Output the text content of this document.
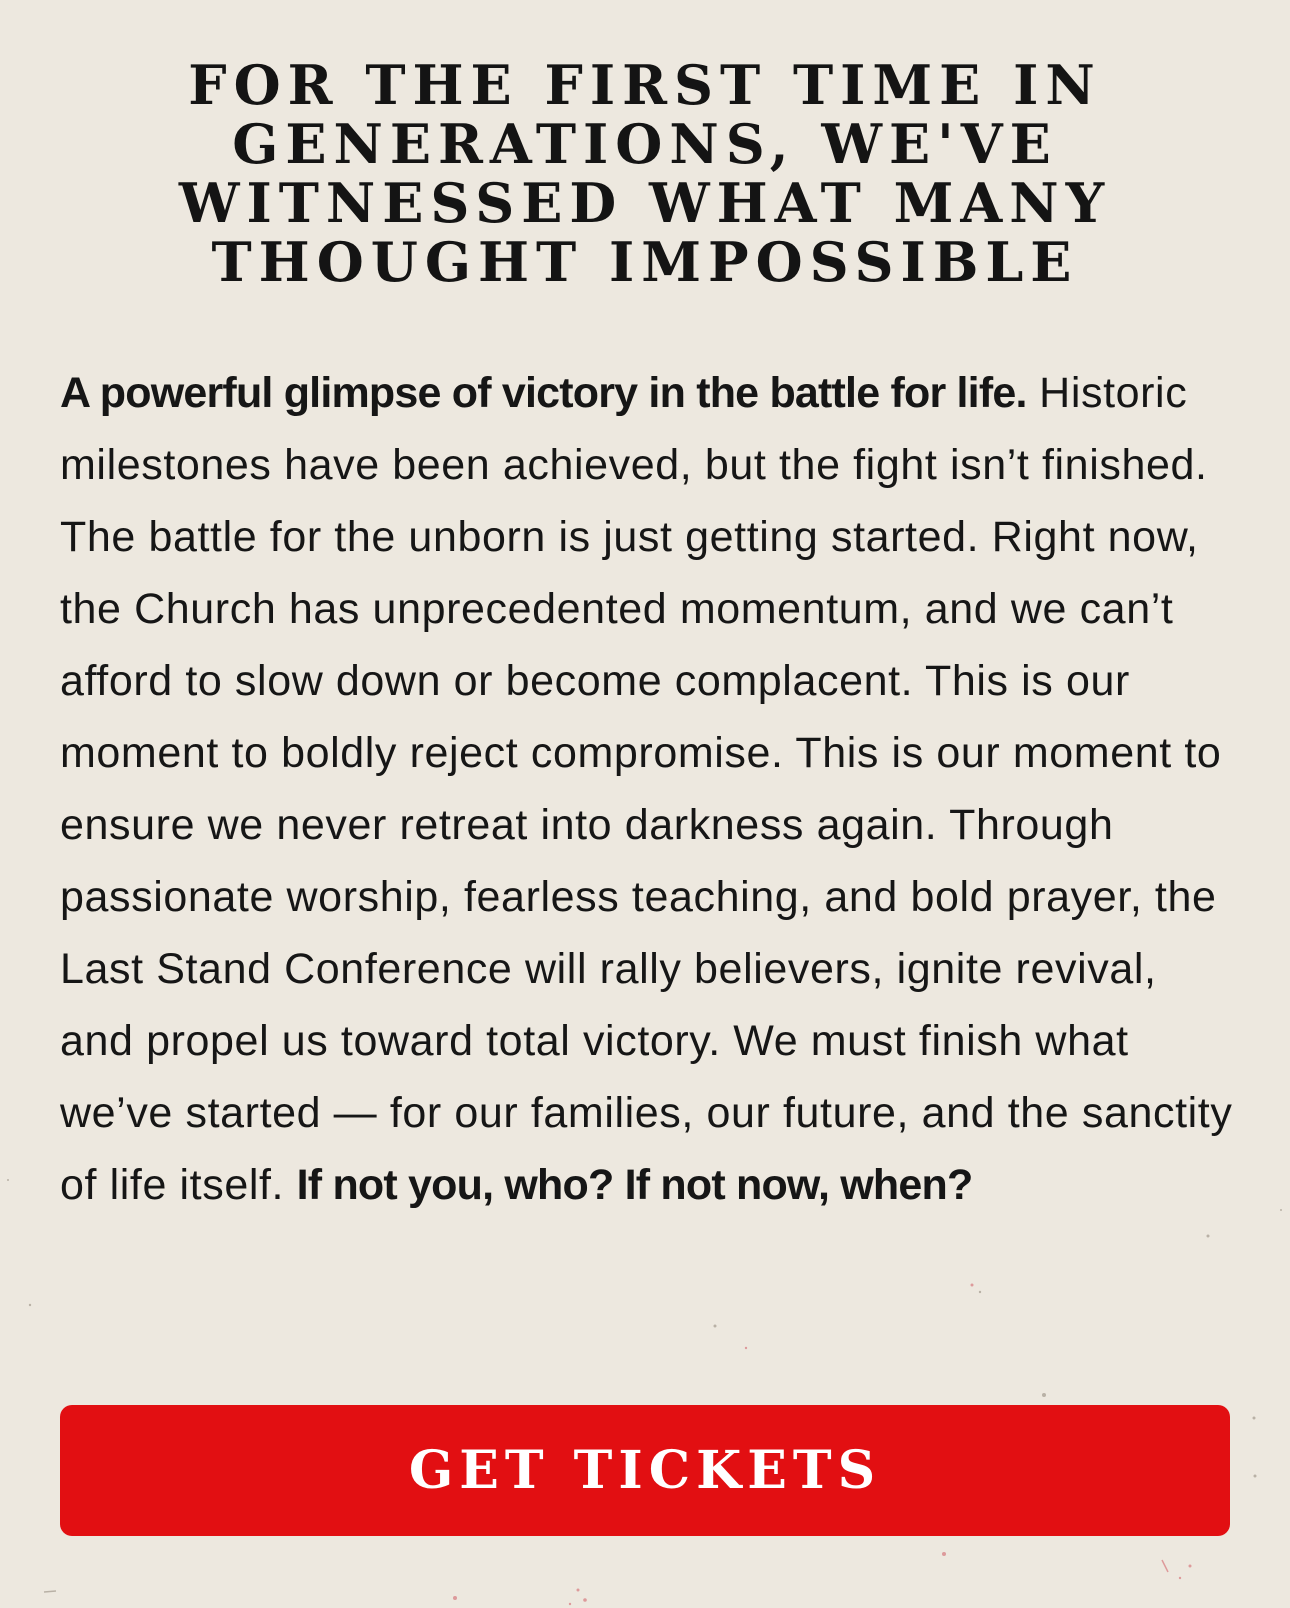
FOR THE FIRST TIME IN GENERATIONS, WE'VE WITNESSED WHAT MANY THOUGHT IMPOSSIBLE

A powerful glimpse of victory in the battle for life. Historic milestones have been achieved, but the fight isn’t finished. The battle for the unborn is just getting started. Right now, the Church has unprecedented momentum, and we can’t afford to slow down or become complacent. This is our moment to boldly reject compromise. This is our moment to ensure we never retreat into darkness again. Through passionate worship, fearless teaching, and bold prayer, the Last Stand Conference will rally believers, ignite revival, and propel us toward total victory. We must finish what we’ve started — for our families, our future, and the sanctity of life itself. If not you, who? If not now, when?

GET TICKETS
